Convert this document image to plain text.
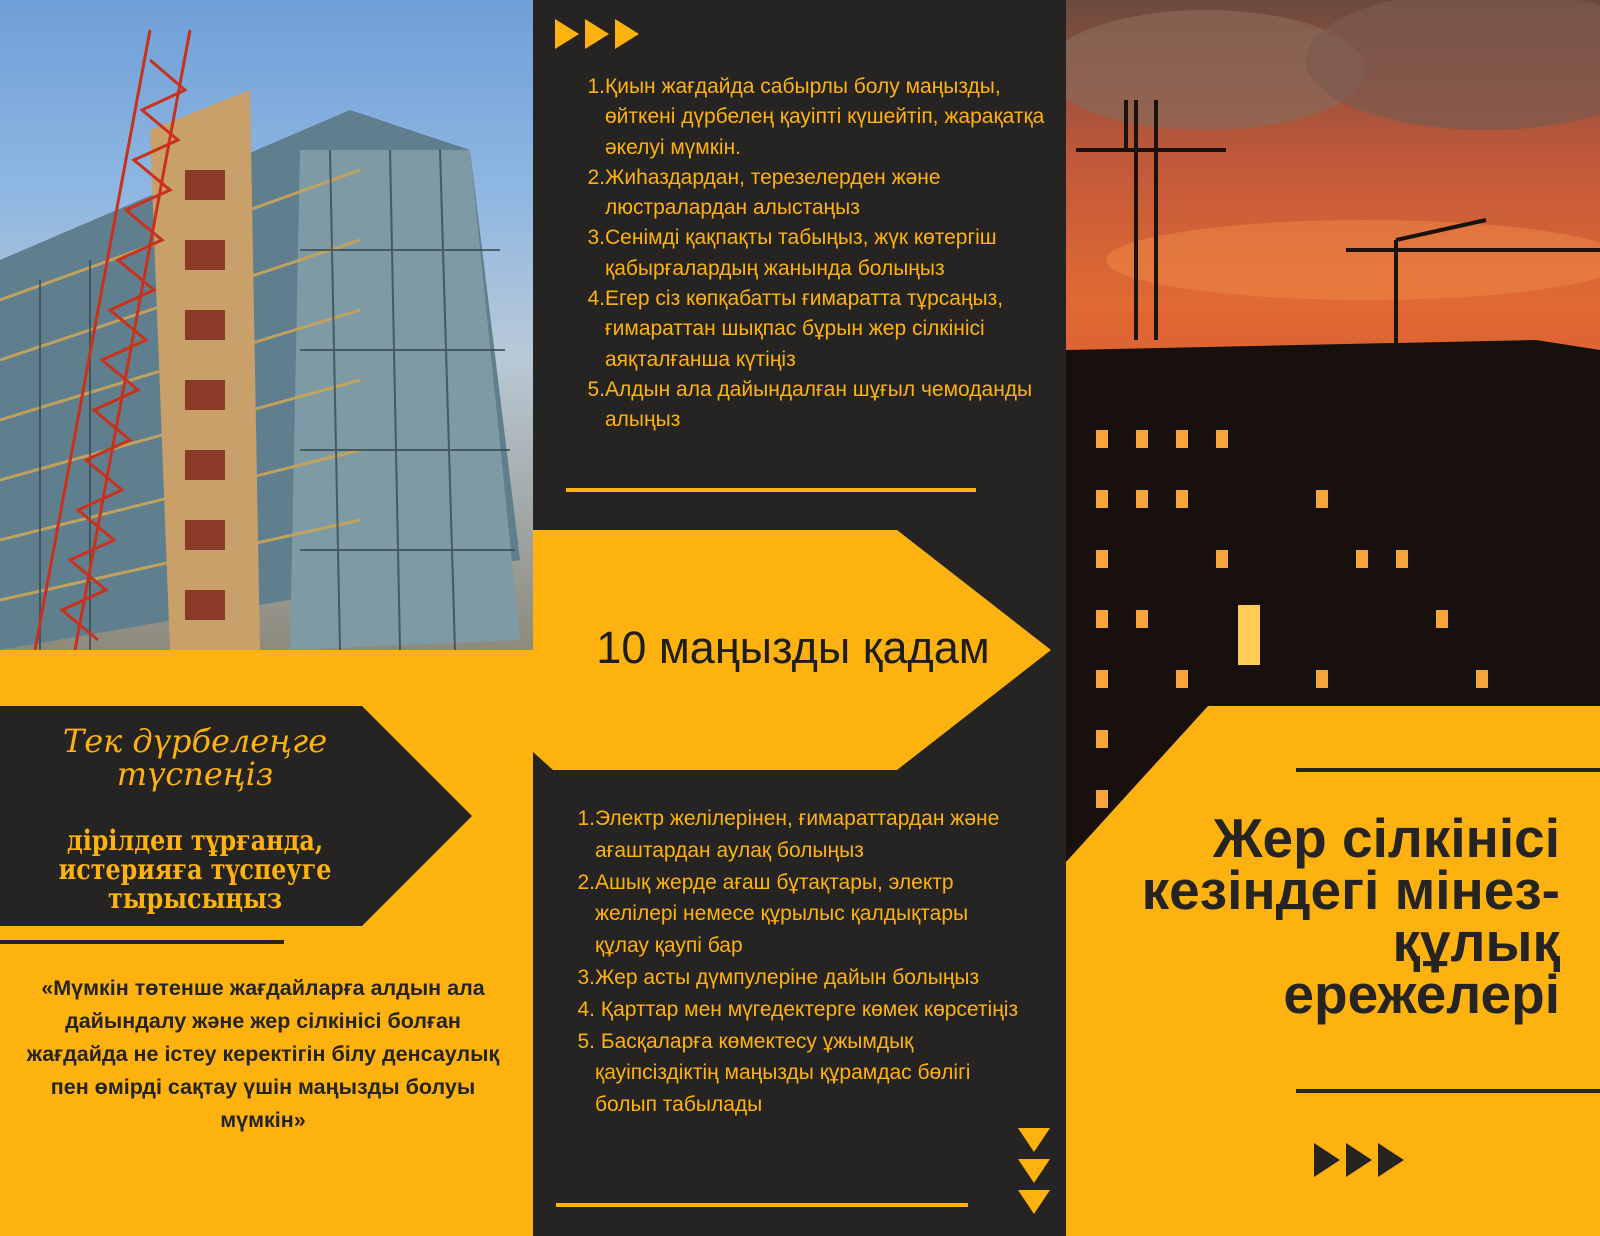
Тек дүрбелеңге түспеңіз
дірілдеп тұрғанда, истерияға түспеуге тырысыңыз
«Мүмкін төтенше жағдайларға алдын ала дайындалу және жер сілкінісі болған жағдайда не істеу керектігін білу денсаулық пен өмірді сақтау үшін маңызды болуы мүмкін»
1. Қиын жағдайда сабырлы болу маңызды, өйткені дүрбелең қауіпті күшейтіп, жарақатқа әкелуі мүмкін.
2. Жиһаздардан, терезелерден және люстралардан алыстаңыз
3. Сенімді қақпақты табыңыз, жүк көтергіш қабырғалардың жанында болыңыз
4. Егер сіз көпқабатты ғимаратта тұрсаңыз, ғимараттан шықпас бұрын жер сілкінісі аяқталғанша күтіңіз
5. Алдын ала дайындалған шұғыл чемоданды алыңыз
10 маңызды қадам
1. Электр желілерінен, ғимараттардан және ағаштардан аулақ болыңыз
2. Ашық жерде ағаш бұтақтары, электр желілері немесе құрылыс қалдықтары құлау қаупі бар
3. Жер асты дүмпулеріне дайын болыңыз
4. Қарттар мен мүгедектерге көмек көрсетіңіз
5. Басқаларға көмектесу ұжымдық қауіпсіздіктің маңызды құрамдас бөлігі болып табылады
Жер сілкінісі кезіндегі мінез-құлық ережелері
